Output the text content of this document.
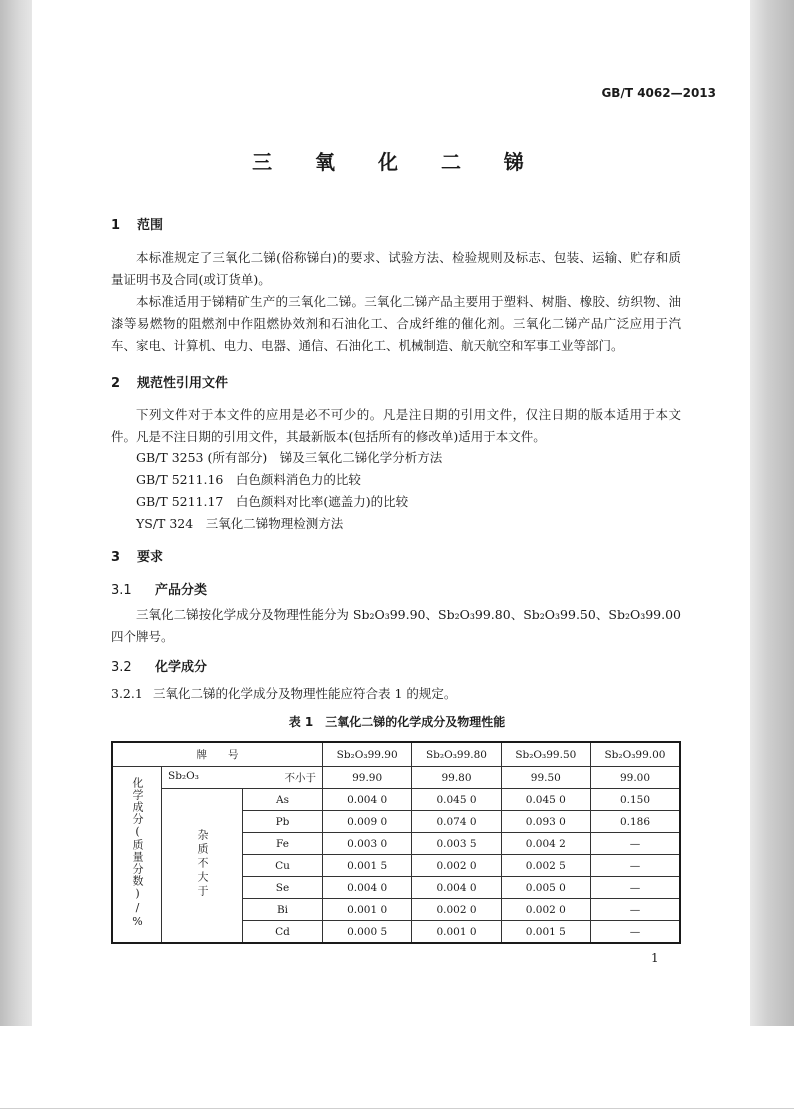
GB/T 4062—2013
三 氧 化 二 锑
1 范围
本标准规定了三氧化二锑(俗称锑白)的要求、试验方法、检验规则及标志、包装、运输、贮存和质量证明书及合同(或订货单)。
本标准适用于锑精矿生产的三氧化二锑。三氧化二锑产品主要用于塑料、树脂、橡胶、纺织物、油漆等易燃物的阻燃剂中作阻燃协效剂和石油化工、合成纤维的催化剂。三氧化二锑产品广泛应用于汽车、家电、计算机、电力、电器、通信、石油化工、机械制造、航天航空和军事工业等部门。
2 规范性引用文件
下列文件对于本文件的应用是必不可少的。凡是注日期的引用文件，仅注日期的版本适用于本文件。凡是不注日期的引用文件，其最新版本(包括所有的修改单)适用于本文件。
GB/T 3253 (所有部分)　锑及三氧化二锑化学分析方法
GB/T 5211.16　白色颜料消色力的比较
GB/T 5211.17　白色颜料对比率(遮盖力)的比较
YS/T 324　三氧化二锑物理检测方法
3 要求
3.1 产品分类
三氧化二锑按化学成分及物理性能分为 Sb₂O₃99.90、Sb₂O₃99.80、Sb₂O₃99.50、Sb₂O₃99.00 四个牌号。
3.2 化学成分
3.2.1 三氧化二锑的化学成分及物理性能应符合表 1 的规定。
表 1　三氧化二锑的化学成分及物理性能
牌　　号			Sb₂O₃99.90	Sb₂O₃99.80	Sb₂O₃99.50	Sb₂O₃99.00
化学成分(质量分数)/%	Sb₂O₃ 不小于		99.90	99.80	99.50	99.00
	杂质不大于	As	0.004 0	0.045 0	0.045 0	0.150
		Pb	0.009 0	0.074 0	0.093 0	0.186
		Fe	0.003 0	0.003 5	0.004 2	—
		Cu	0.001 5	0.002 0	0.002 5	—
		Se	0.004 0	0.004 0	0.005 0	—
		Bi	0.001 0	0.002 0	0.002 0	—
		Cd	0.000 5	0.001 0	0.001 5	—
1
